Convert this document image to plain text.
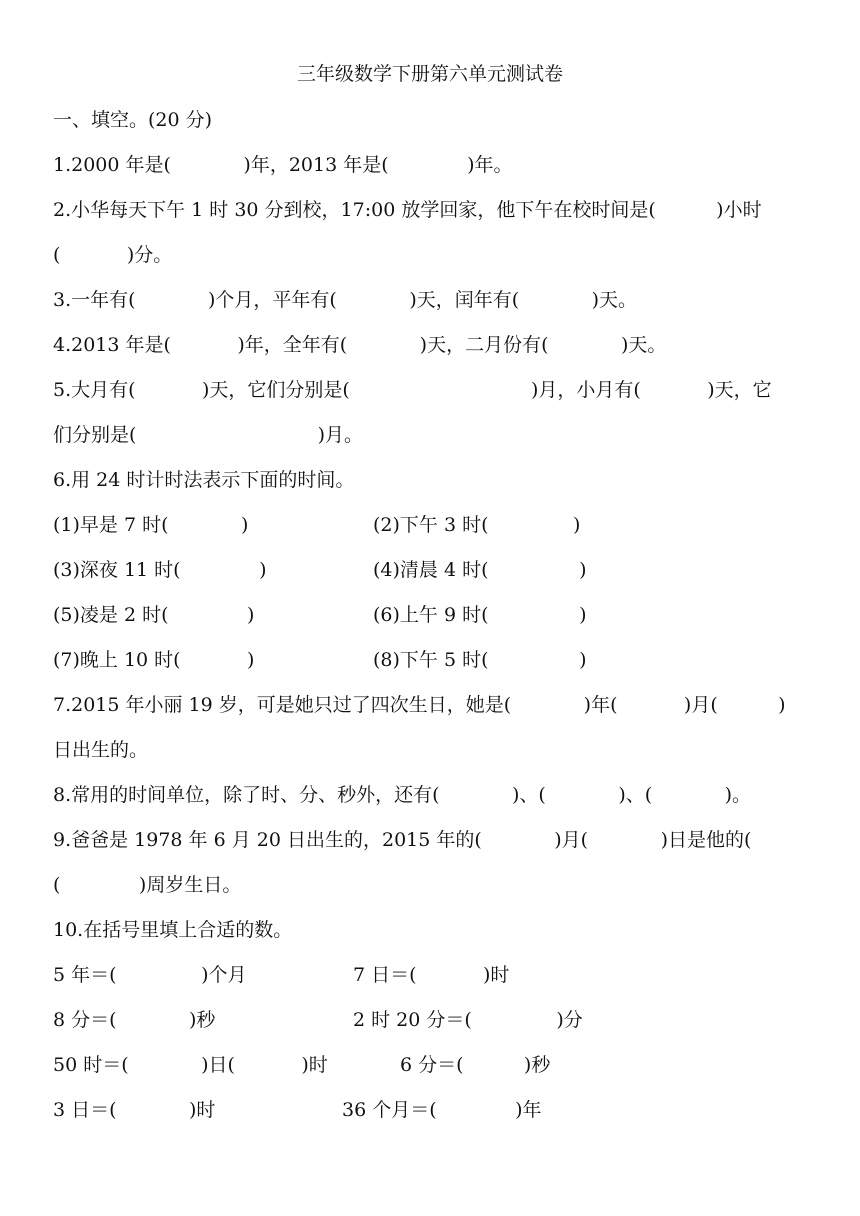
三年级数学下册第六单元测试卷
一、填空。(20 分)
1.2000 年是(            )年，2013 年是(             )年。
2.小华每天下午 1 时 30 分到校，17:00 放学回家，他下午在校时间是(          )小时
(           )分。
3.一年有(            )个月，平年有(            )天，闰年有(            )天。
4.2013 年是(           )年，全年有(            )天，二月份有(            )天。
5.大月有(           )天，它们分别是(                              )月，小月有(           )天，它
们分别是(                              )月。
6.用 24 时计时法表示下面的时间。
(1)早是 7 时(            )	(2)下午 3 时(              )
(3)深夜 11 时(             )	(4)清晨 4 时(               )
(5)凌是 2 时(             )	(6)上午 9 时(               )
(7)晚上 10 时(           )	(8)下午 5 时(               )
7.2015 年小丽 19 岁，可是她只过了四次生日，她是(            )年(           )月(          )
日出生的。
8.常用的时间单位，除了时、分、秒外，还有(            )、(            )、(            )。
9.爸爸是 1978 年 6 月 20 日出生的，2015 年的(            )月(            )日是他的(
(             )周岁生日。
10.在括号里填上合适的数。
5 年＝(              )个月	7 日＝(           )时
8 分＝(            )秒	2 时 20 分＝(              )分
50 时＝(            )日(           )时	6 分＝(          )秒
3 日＝(            )时	36 个月＝(             )年
